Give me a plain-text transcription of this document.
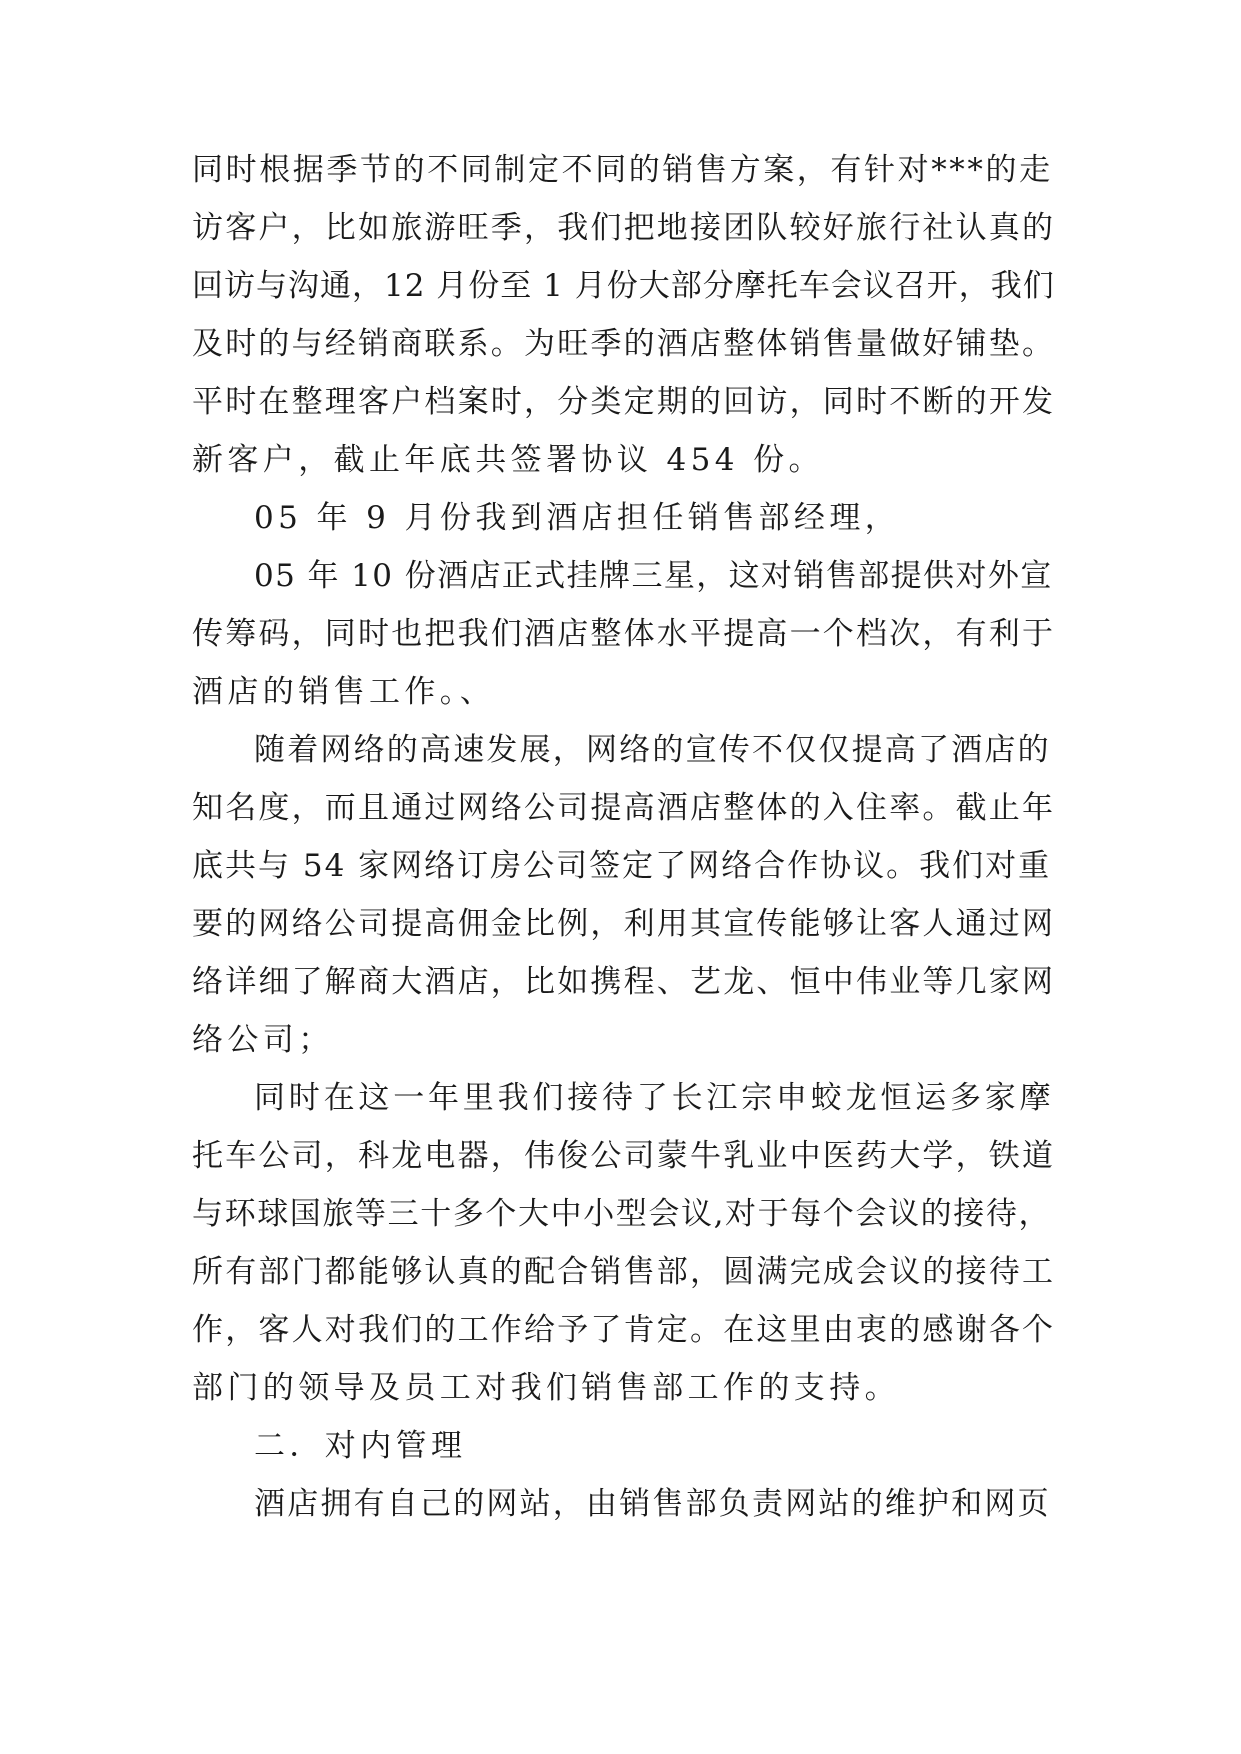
同时根据季节的不同制定不同的销售方案，有针对***的走
访客户，比如旅游旺季，我们把地接团队较好旅行社认真的
回访与沟通，12 月份至 1 月份大部分摩托车会议召开，我们
及时的与经销商联系。为旺季的酒店整体销售量做好铺垫。
平时在整理客户档案时，分类定期的回访，同时不断的开发
新客户，截止年底共签署协议 454 份。
05 年 9 月份我到酒店担任销售部经理，
05 年 10 份酒店正式挂牌三星，这对销售部提供对外宣
传筹码，同时也把我们酒店整体水平提高一个档次，有利于
酒店的销售工作。、
随着网络的高速发展，网络的宣传不仅仅提高了酒店的
知名度，而且通过网络公司提高酒店整体的入住率。截止年
底共与 54 家网络订房公司签定了网络合作协议。我们对重
要的网络公司提高佣金比例，利用其宣传能够让客人通过网
络详细了解商大酒店，比如携程、艺龙、恒中伟业等几家网
络公司；
同时在这一年里我们接待了长江宗申蛟龙恒运多家摩
托车公司，科龙电器，伟俊公司蒙牛乳业中医药大学，铁道
与环球国旅等三十多个大中小型会议,对于每个会议的接待，
所有部门都能够认真的配合销售部，圆满完成会议的接待工
作，客人对我们的工作给予了肯定。在这里由衷的感谢各个
部门的领导及员工对我们销售部工作的支持。
二．对内管理
酒店拥有自己的网站，由销售部负责网站的维护和网页
